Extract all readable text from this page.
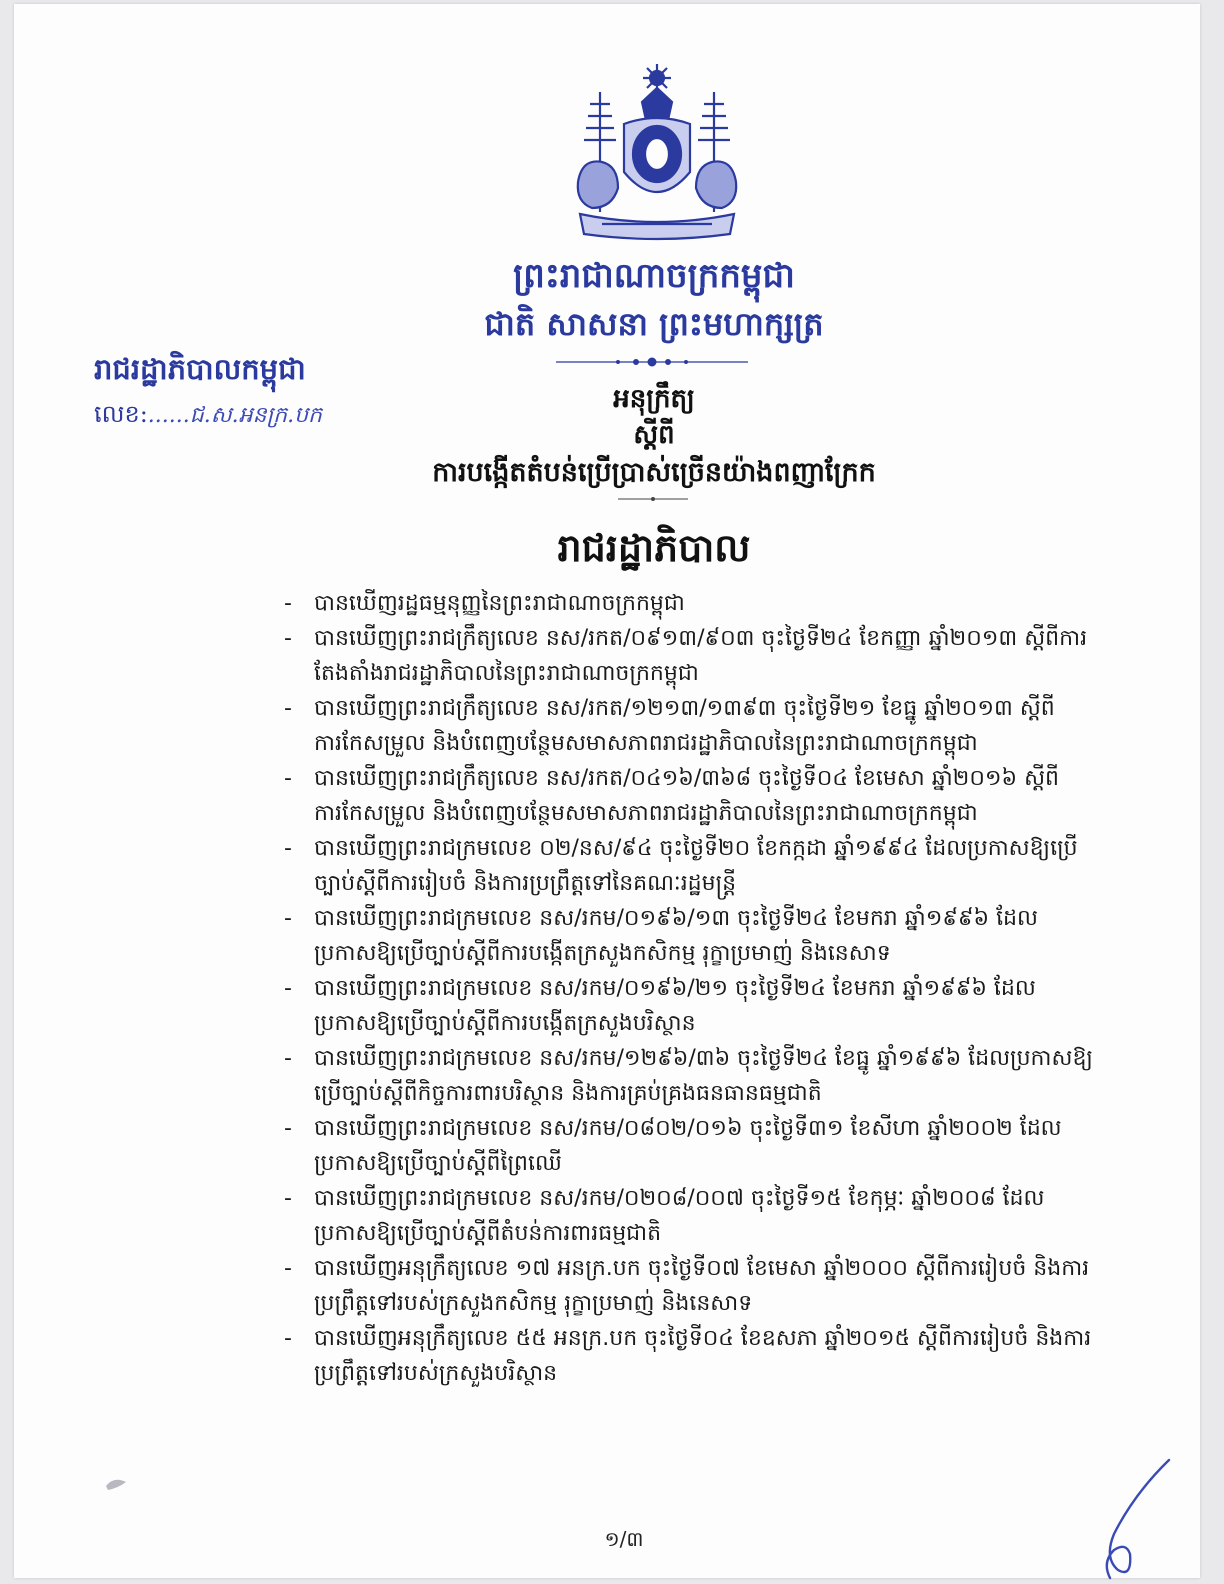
ព្រះរាជាណាចក្រកម្ពុជា
ជាតិ សាសនា ព្រះមហាក្សត្រ
រាជរដ្ឋាភិបាលកម្ពុជា
លេខ:......ជ.ស.អនក្រ.បក
អនុក្រឹត្យ
ស្តីពី
ការបង្កើតតំបន់ប្រើប្រាស់ច្រើនយ៉ាងពញាក្រែក
រាជរដ្ឋាភិបាល
- បានឃើញរដ្ឋធម្មនុញ្ញនៃព្រះរាជាណាចក្រកម្ពុជា
- បានឃើញព្រះរាជក្រឹត្យលេខ នស/រកត/០៩១៣/៩០៣ ចុះថ្ងៃទី២៤ ខែកញ្ញា ឆ្នាំ២០១៣ ស្តីពីការតែងតាំងរាជរដ្ឋាភិបាលនៃព្រះរាជាណាចក្រកម្ពុជា
- បានឃើញព្រះរាជក្រឹត្យលេខ នស/រកត/១២១៣/១៣៩៣ ចុះថ្ងៃទី២១ ខែធ្នូ ឆ្នាំ២០១៣ ស្តីពីការកែសម្រួល និងបំពេញបន្ថែមសមាសភាពរាជរដ្ឋាភិបាលនៃព្រះរាជាណាចក្រកម្ពុជា
- បានឃើញព្រះរាជក្រឹត្យលេខ នស/រកត/០៤១៦/៣៦៨ ចុះថ្ងៃទី០៤ ខែមេសា ឆ្នាំ២០១៦ ស្តីពីការកែសម្រួល និងបំពេញបន្ថែមសមាសភាពរាជរដ្ឋាភិបាលនៃព្រះរាជាណាចក្រកម្ពុជា
- បានឃើញព្រះរាជក្រមលេខ ០២/នស/៩៤ ចុះថ្ងៃទី២០ ខែកក្កដា ឆ្នាំ១៩៩៤ ដែលប្រកាសឱ្យប្រើច្បាប់ស្តីពីការរៀបចំ និងការប្រព្រឹត្តទៅនៃគណៈរដ្ឋមន្ត្រី
- បានឃើញព្រះរាជក្រមលេខ នស/រកម/០១៩៦/១៣ ចុះថ្ងៃទី២៤ ខែមករា ឆ្នាំ១៩៩៦ ដែលប្រកាសឱ្យប្រើច្បាប់ស្តីពីការបង្កើតក្រសួងកសិកម្ម រុក្ខាប្រមាញ់ និងនេសាទ
- បានឃើញព្រះរាជក្រមលេខ នស/រកម/០១៩៦/២១ ចុះថ្ងៃទី២៤ ខែមករា ឆ្នាំ១៩៩៦ ដែលប្រកាសឱ្យប្រើច្បាប់ស្តីពីការបង្កើតក្រសួងបរិស្ថាន
- បានឃើញព្រះរាជក្រមលេខ នស/រកម/១២៩៦/៣៦ ចុះថ្ងៃទី២៤ ខែធ្នូ ឆ្នាំ១៩៩៦ ដែលប្រកាសឱ្យប្រើច្បាប់ស្តីពីកិច្ចការពារបរិស្ថាន និងការគ្រប់គ្រងធនធានធម្មជាតិ
- បានឃើញព្រះរាជក្រមលេខ នស/រកម/០៨០២/០១៦ ចុះថ្ងៃទី៣១ ខែសីហា ឆ្នាំ២០០២ ដែលប្រកាសឱ្យប្រើច្បាប់ស្តីពីព្រៃឈើ
- បានឃើញព្រះរាជក្រមលេខ នស/រកម/០២០៨/០០៧ ចុះថ្ងៃទី១៥ ខែកុម្ភៈ ឆ្នាំ២០០៨ ដែលប្រកាសឱ្យប្រើច្បាប់ស្តីពីតំបន់ការពារធម្មជាតិ
- បានឃើញអនុក្រឹត្យលេខ ១៧ អនក្រ.បក ចុះថ្ងៃទី០៧ ខែមេសា ឆ្នាំ២០០០ ស្តីពីការរៀបចំ និងការប្រព្រឹត្តទៅរបស់ក្រសួងកសិកម្ម រុក្ខាប្រមាញ់ និងនេសាទ
- បានឃើញអនុក្រឹត្យលេខ ៥៥ អនក្រ.បក ចុះថ្ងៃទី០៤ ខែឧសភា ឆ្នាំ២០១៥ ស្តីពីការរៀបចំ និងការប្រព្រឹត្តទៅរបស់ក្រសួងបរិស្ថាន
១/៣
